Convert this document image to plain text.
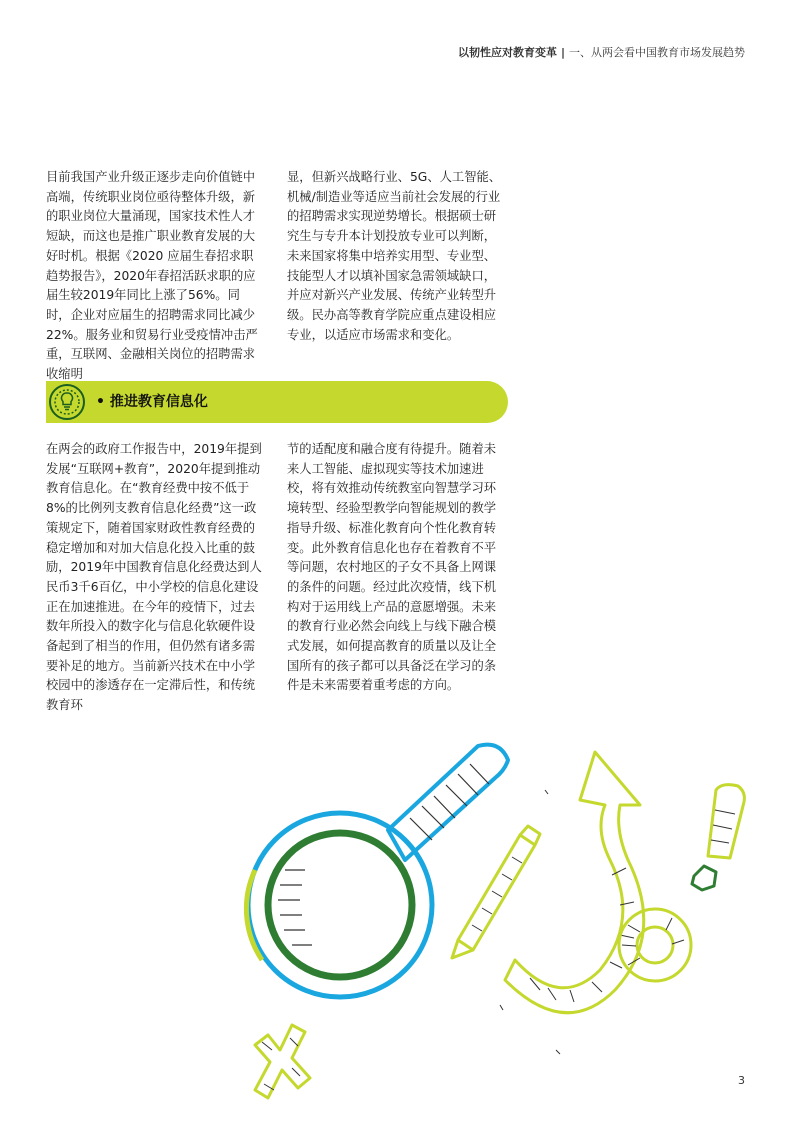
以韧性应对教育变革 | 一、从两会看中国教育市场发展趋势

目前我国产业升级正逐步走向价值链中高端，传统职业岗位亟待整体升级，新的职业岗位大量涌现，国家技术性人才短缺，而这也是推广职业教育发展的大好时机。根据《2020 应届生春招求职趋势报告》，2020年春招活跃求职的应届生较2019年同比上涨了56%。同时，企业对应届生的招聘需求同比减少22%。服务业和贸易行业受疫情冲击严重，互联网、金融相关岗位的招聘需求收缩明

显，但新兴战略行业、5G、人工智能、机械/制造业等适应当前社会发展的行业的招聘需求实现逆势增长。根据硕士研究生与专升本计划投放专业可以判断，未来国家将集中培养实用型、专业型、技能型人才以填补国家急需领域缺口，并应对新兴产业发展、传统产业转型升级。民办高等教育学院应重点建设相应专业，以适应市场需求和变化。

• 推进教育信息化

在两会的政府工作报告中，2019年提到发展“互联网+教育”，2020年提到推动教育信息化。在“教育经费中按不低于8%的比例列支教育信息化经费”这一政策规定下，随着国家财政性教育经费的稳定增加和对加大信息化投入比重的鼓励，2019年中国教育信息化经费达到人民币3千6百亿，中小学校的信息化建设正在加速推进。在今年的疫情下，过去数年所投入的数字化与信息化软硬件设备起到了相当的作用，但仍然有诸多需要补足的地方。当前新兴技术在中小学校园中的渗透存在一定滞后性，和传统教育环

节的适配度和融合度有待提升。随着未来人工智能、虚拟现实等技术加速进校，将有效推动传统教室向智慧学习环境转型、经验型教学向智能规划的教学指导升级、标准化教育向个性化教育转变。此外教育信息化也存在着教育不平等问题，农村地区的子女不具备上网课的条件的问题。经过此次疫情，线下机构对于运用线上产品的意愿增强。未来的教育行业必然会向线上与线下融合模式发展，如何提高教育的质量以及让全国所有的孩子都可以具备泛在学习的条件是未来需要着重考虑的方向。

3
